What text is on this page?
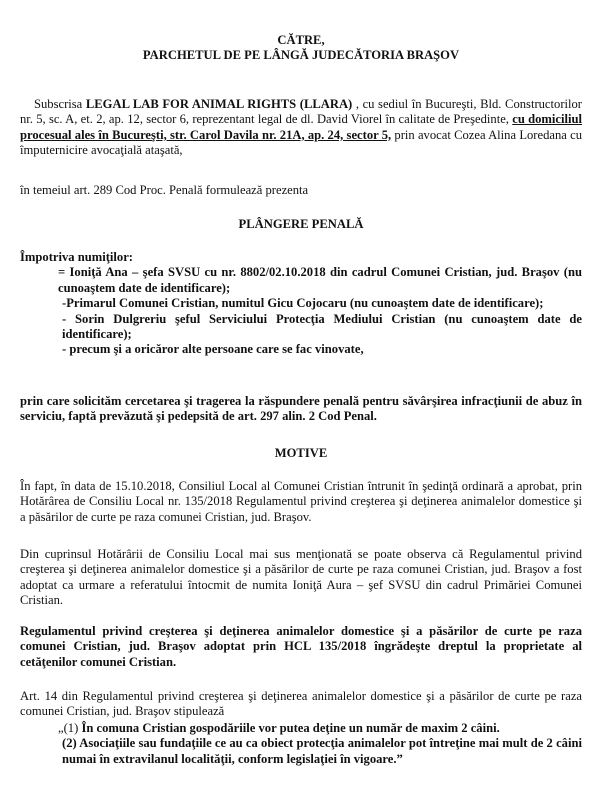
CĂTRE,
PARCHETUL DE PE LÂNGĂ JUDECĂTORIA BRAŞOV
Subscrisa LEGAL LAB FOR ANIMAL RIGHTS (LLARA) , cu sediul în Bucureşti, Bld. Constructorilor nr. 5, sc. A, et. 2, ap. 12, sector 6, reprezentant legal de dl. David Viorel în calitate de Preşedinte, cu domiciliul procesual ales în Bucureşti, str. Carol Davila nr. 21A, ap. 24, sector 5, prin avocat Cozea Alina Loredana cu împuternicire avocaţială ataşată,
în temeiul art. 289 Cod Proc. Penală formulează prezenta
PLÂNGERE PENALĂ
Împotriva numiţilor:
= Ioniţă Ana – şefa SVSU cu nr. 8802/02.10.2018 din cadrul Comunei Cristian, jud. Braşov (nu cunoaştem date de identificare);
-Primarul Comunei Cristian, numitul Gicu Cojocaru (nu cunoaştem date de identificare);
- Sorin Dulgreriu şeful Serviciului Protecţia Mediului Cristian (nu cunoaştem date de identificare);
- precum şi a oricăror alte persoane care se fac vinovate,
prin care solicităm cercetarea şi tragerea la răspundere penală pentru săvârşirea infracţiunii de abuz în serviciu, faptă prevăzută şi pedepsită de art. 297 alin. 2 Cod Penal.
MOTIVE
În fapt, în data de 15.10.2018, Consiliul Local al Comunei Cristian întrunit în şedinţă ordinară a aprobat, prin Hotărârea de Consiliu Local nr. 135/2018 Regulamentul privind creşterea şi deţinerea animalelor domestice şi a păsărilor de curte pe raza comunei Cristian, jud. Braşov.
Din cuprinsul Hotărârii de Consiliu Local mai sus menţionată se poate observa că Regulamentul privind creşterea şi deţinerea animalelor domestice şi a păsărilor de curte pe raza comunei Cristian, jud. Braşov a fost adoptat ca urmare a referatului întocmit de numita Ioniţă Aura – şef SVSU din cadrul Primăriei Comunei Cristian.
Regulamentul privind creşterea şi deţinerea animalelor domestice şi a păsărilor de curte pe raza comunei Cristian, jud. Braşov adoptat prin HCL 135/2018 îngrădeşte dreptul la proprietate al cetăţenilor comunei Cristian.
Art. 14 din Regulamentul privind creşterea şi deţinerea animalelor domestice şi a păsărilor de curte pe raza comunei Cristian, jud. Braşov stipulează
„(1) În comuna Cristian gospodăriile vor putea deţine un număr de maxim 2 câini.
(2) Asociaţiile sau fundaţiile ce au ca obiect protecţia animalelor pot întreţine mai mult de 2 câini numai în extravilanul localităţii, conform legislaţiei în vigoare.”
